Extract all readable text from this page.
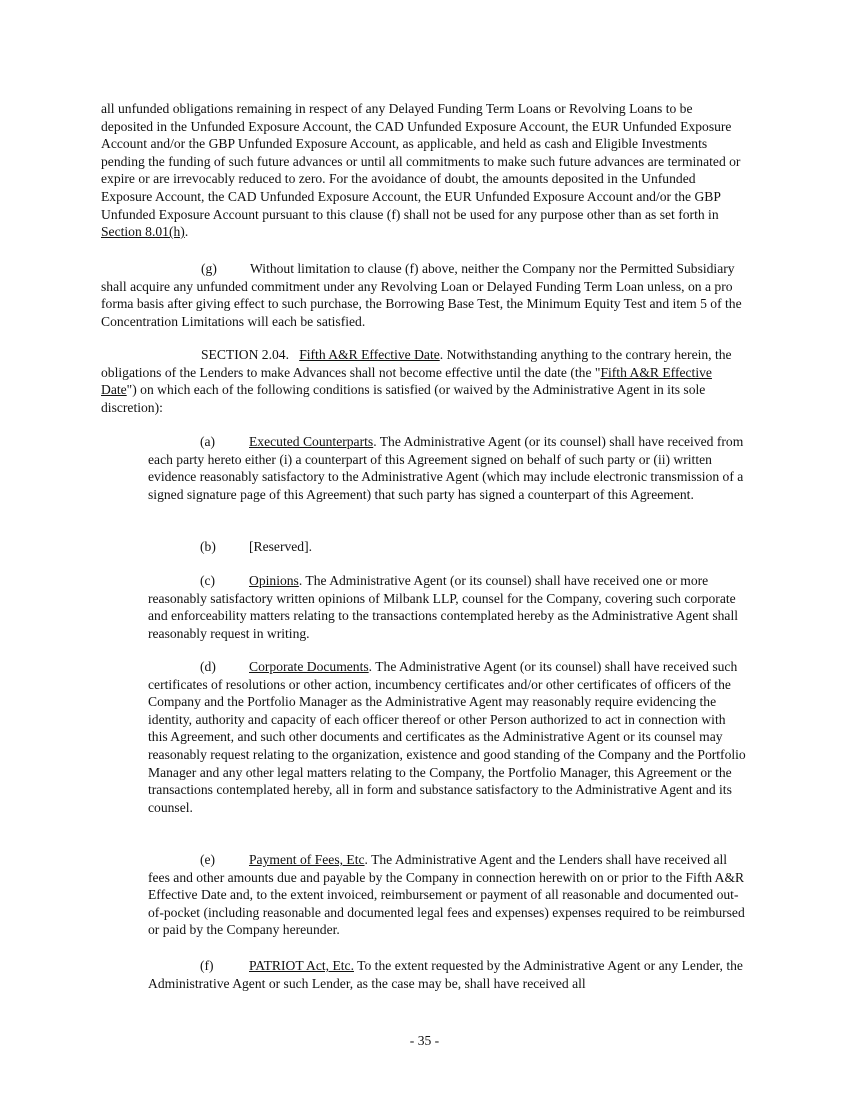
all unfunded obligations remaining in respect of any Delayed Funding Term Loans or Revolving Loans to be deposited in the Unfunded Exposure Account, the CAD Unfunded Exposure Account, the EUR Unfunded Exposure Account and/or the GBP Unfunded Exposure Account, as applicable, and held as cash and Eligible Investments pending the funding of such future advances or until all commitments to make such future advances are terminated or expire or are irrevocably reduced to zero. For the avoidance of doubt, the amounts deposited in the Unfunded Exposure Account, the CAD Unfunded Exposure Account, the EUR Unfunded Exposure Account and/or the GBP Unfunded Exposure Account pursuant to this clause (f) shall not be used for any purpose other than as set forth in Section 8.01(h).

(g) Without limitation to clause (f) above, neither the Company nor the Permitted Subsidiary shall acquire any unfunded commitment under any Revolving Loan or Delayed Funding Term Loan unless, on a pro forma basis after giving effect to such purchase, the Borrowing Base Test, the Minimum Equity Test and item 5 of the Concentration Limitations will each be satisfied.

SECTION 2.04. Fifth A&R Effective Date. Notwithstanding anything to the contrary herein, the obligations of the Lenders to make Advances shall not become effective until the date (the "Fifth A&R Effective Date") on which each of the following conditions is satisfied (or waived by the Administrative Agent in its sole discretion):

(a) Executed Counterparts. The Administrative Agent (or its counsel) shall have received from each party hereto either (i) a counterpart of this Agreement signed on behalf of such party or (ii) written evidence reasonably satisfactory to the Administrative Agent (which may include electronic transmission of a signed signature page of this Agreement) that such party has signed a counterpart of this Agreement.

(b) [Reserved].

(c) Opinions. The Administrative Agent (or its counsel) shall have received one or more reasonably satisfactory written opinions of Milbank LLP, counsel for the Company, covering such corporate and enforceability matters relating to the transactions contemplated hereby as the Administrative Agent shall reasonably request in writing.

(d) Corporate Documents. The Administrative Agent (or its counsel) shall have received such certificates of resolutions or other action, incumbency certificates and/or other certificates of officers of the Company and the Portfolio Manager as the Administrative Agent may reasonably require evidencing the identity, authority and capacity of each officer thereof or other Person authorized to act in connection with this Agreement, and such other documents and certificates as the Administrative Agent or its counsel may reasonably request relating to the organization, existence and good standing of the Company and the Portfolio Manager and any other legal matters relating to the Company, the Portfolio Manager, this Agreement or the transactions contemplated hereby, all in form and substance satisfactory to the Administrative Agent and its counsel.

(e) Payment of Fees, Etc. The Administrative Agent and the Lenders shall have received all fees and other amounts due and payable by the Company in connection herewith on or prior to the Fifth A&R Effective Date and, to the extent invoiced, reimbursement or payment of all reasonable and documented out-of-pocket (including reasonable and documented legal fees and expenses) expenses required to be reimbursed or paid by the Company hereunder.

(f)	PATRIOT Act, Etc. To the extent requested by the Administrative Agent or any Lender, the Administrative Agent or such Lender, as the case may be, shall have received all

- 35 -
